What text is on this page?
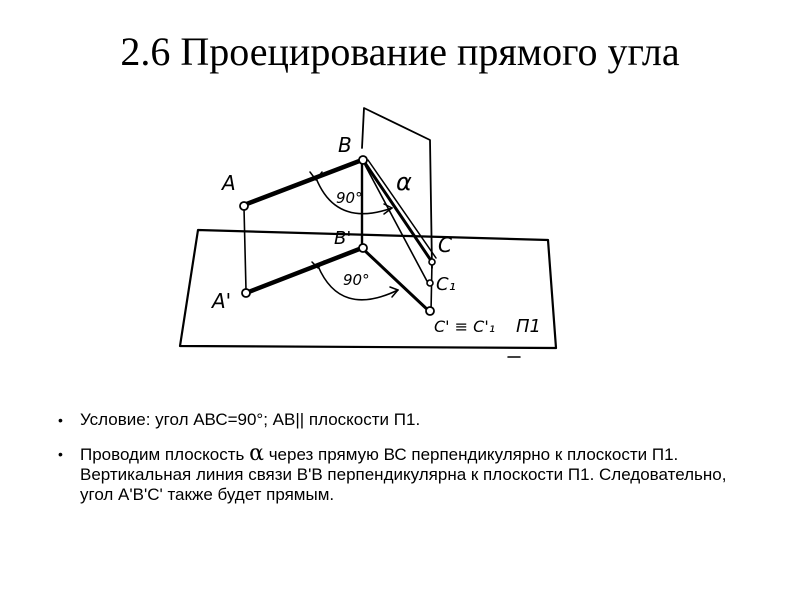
2.6 Проецирование прямого угла
A
B
C
A'
B'
C₁
C' ≡ C'₁
α
90°
90°
П1
• Условие: угол АВС=90°; АВ|| плоскости П1.
• Проводим плоскость α через прямую ВС перпендикулярно к плоскости П1. Вертикальная линия связи В'В перпендикулярна к плоскости П1. Следовательно, угол А'В'С' также будет прямым.
